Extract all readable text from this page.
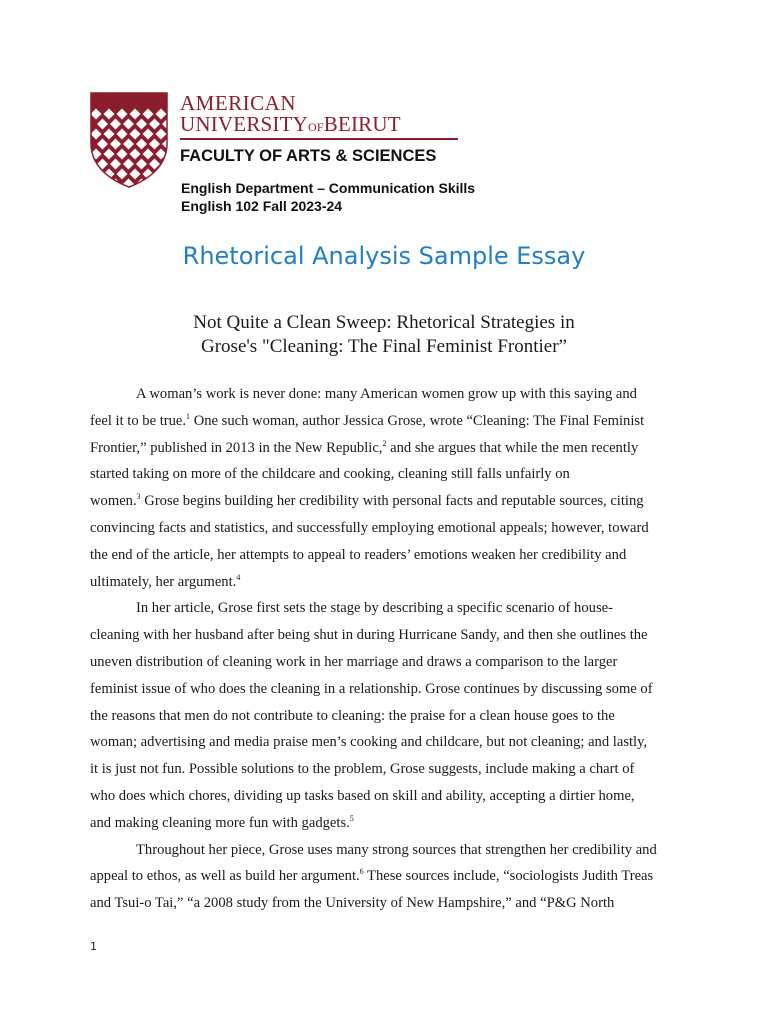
AMERICAN
UNIVERSITYOFBEIRUT
FACULTY OF ARTS & SCIENCES
English Department – Communication Skills
English 102 Fall 2023-24
Rhetorical Analysis Sample Essay
Not Quite a Clean Sweep: Rhetorical Strategies in
Grose's "Cleaning: The Final Feminist Frontier”
A woman’s work is never done: many American women grow up with this saying and
feel it to be true.$^1$ One such woman, author Jessica Grose, wrote “Cleaning: The Final Feminist
Frontier,” published in 2013 in the New Republic,$^2$ and she argues that while the men recently
started taking on more of the childcare and cooking, cleaning still falls unfairly on
women.$^3$ Grose begins building her credibility with personal facts and reputable sources, citing
convincing facts and statistics, and successfully employing emotional appeals; however, toward
the end of the article, her attempts to appeal to readers’ emotions weaken her credibility and
ultimately, her argument.$^4$
In her article, Grose first sets the stage by describing a specific scenario of house-
cleaning with her husband after being shut in during Hurricane Sandy, and then she outlines the
uneven distribution of cleaning work in her marriage and draws a comparison to the larger
feminist issue of who does the cleaning in a relationship. Grose continues by discussing some of
the reasons that men do not contribute to cleaning: the praise for a clean house goes to the
woman; advertising and media praise men’s cooking and childcare, but not cleaning; and lastly,
it is just not fun. Possible solutions to the problem, Grose suggests, include making a chart of
who does which chores, dividing up tasks based on skill and ability, accepting a dirtier home,
and making cleaning more fun with gadgets.$^5$
Throughout her piece, Grose uses many strong sources that strengthen her credibility and
appeal to ethos, as well as build her argument.$^6$ These sources include, “sociologists Judith Treas
and Tsui-o Tai,” “a 2008 study from the University of New Hampshire,” and “P&G North
1
